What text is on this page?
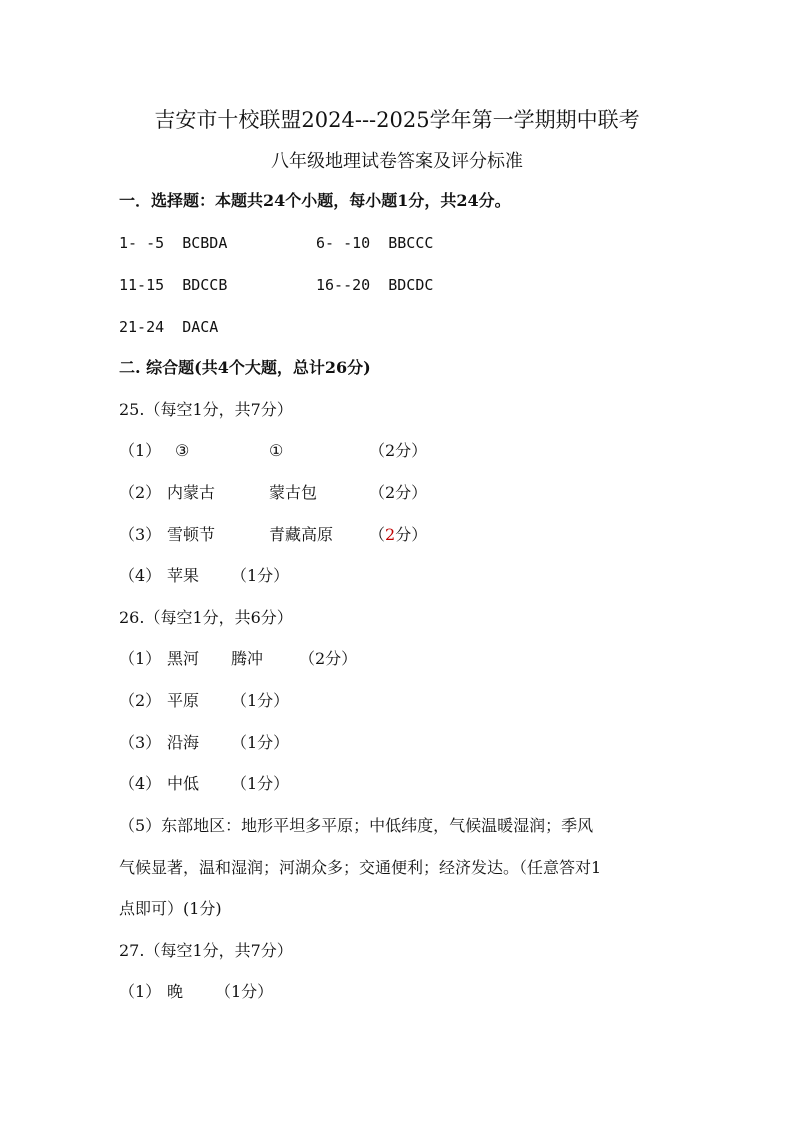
吉安市十校联盟2024---2025学年第一学期期中联考
八年级地理试卷答案及评分标准
一．选择题：本题共24个小题，每小题1分，共24分。
1- -5  BCBDA	6- -10  BBCCC
11-15  BDCCB	16--20  BDCDC
21-24  DACA
二. 综合题(共4个大题，总计26分)
25.（每空1分，共7分）
（1） ③	①	（2分）
（2） 内蒙古	蒙古包	（2分）
（3） 雪顿节	青藏高原 （2分）
（4） 苹果 （1分）
26.（每空1分，共6分）
（1） 黑河 腾冲 （2分）
（2） 平原 （1分）
（3） 沿海 （1分）
（4） 中低 （1分）
（5）东部地区：地形平坦多平原；中低纬度，气候温暖湿润；季风
气候显著，温和湿润；河湖众多；交通便利；经济发达。（任意答对1
点即可）(1分)
27.（每空1分，共7分）
（1） 晚 （1分）
